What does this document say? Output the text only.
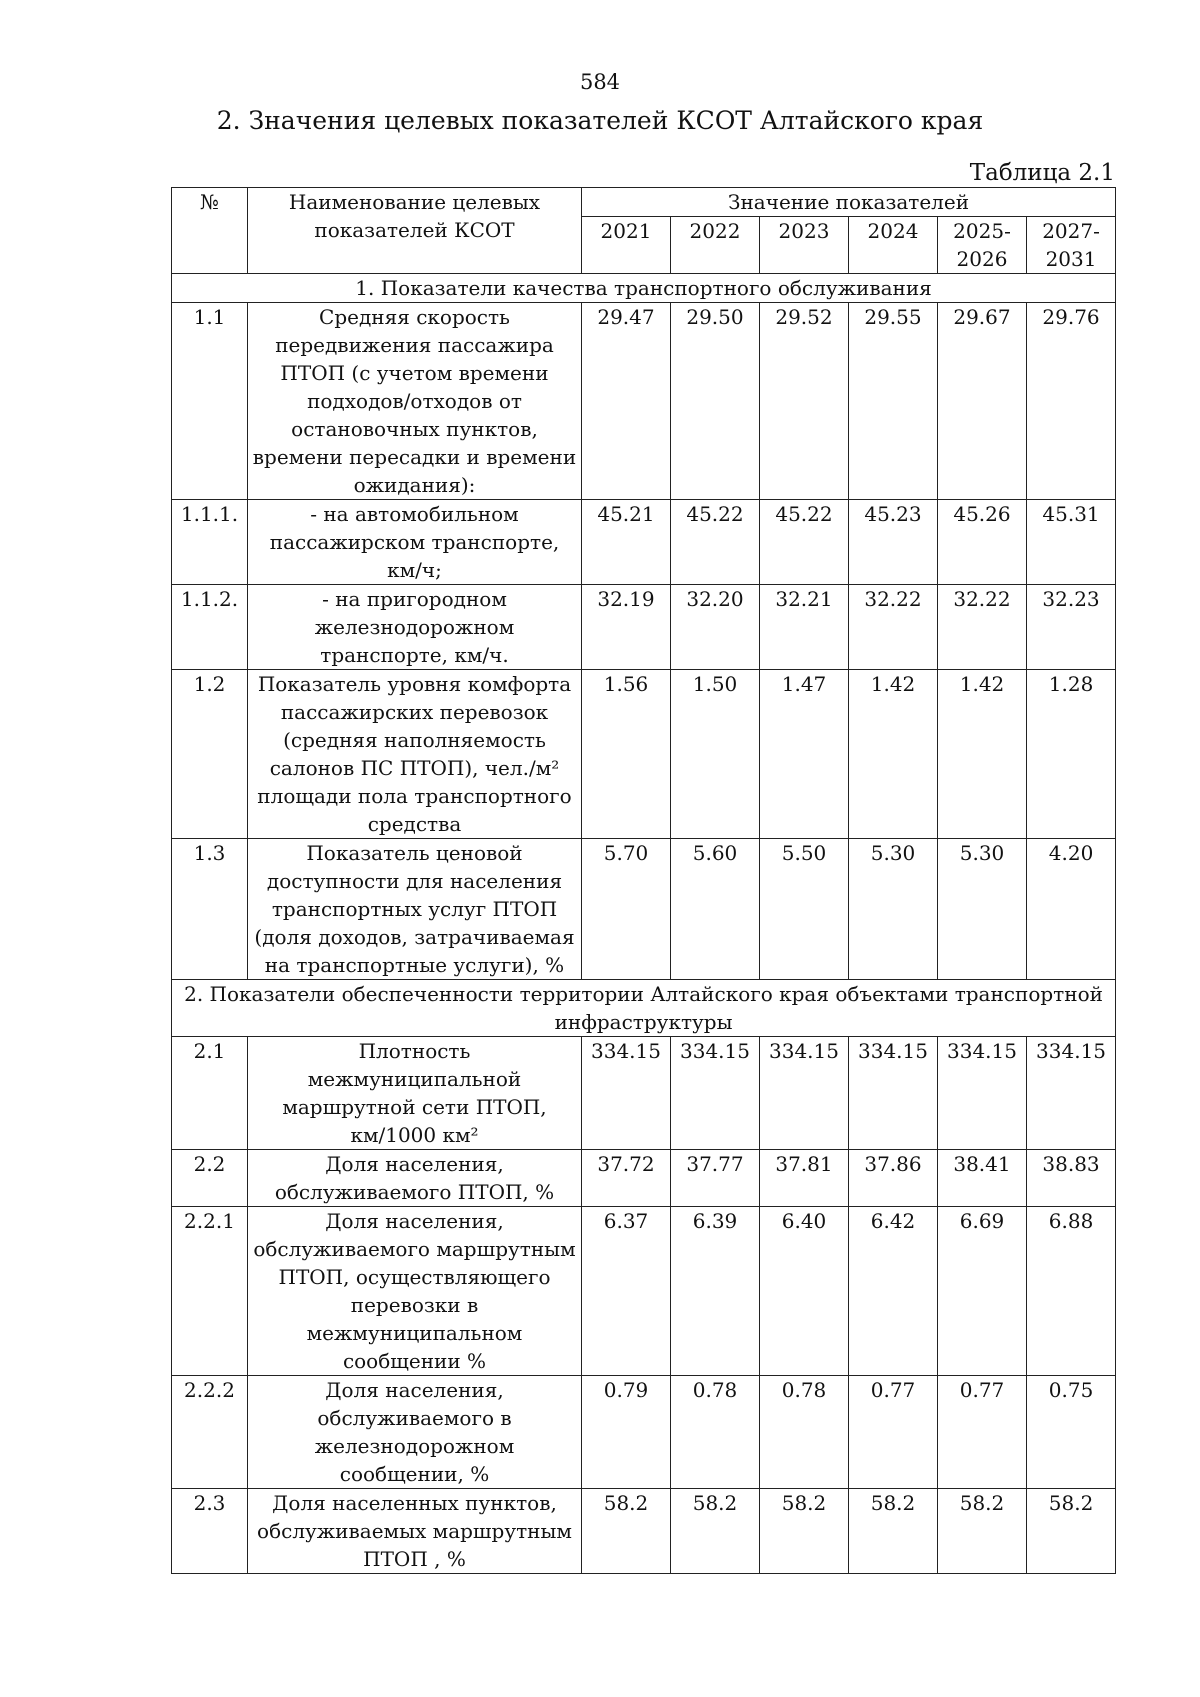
584
2. Значения целевых показателей КСОТ Алтайского края
Таблица 2.1
№	Наименование целевых показателей КСОТ	Значение показателей					
		2021	2022	2023	2024	2025-2026	2027-2031
1. Показатели качества транспортного обслуживания							
1.1	Средняя скорость передвижения пассажира ПТОП (с учетом времени подходов/отходов от остановочных пунктов, времени пересадки и времени ожидания):	29.47	29.50	29.52	29.55	29.67	29.76
1.1.1.	- на автомобильном пассажирском транспорте, км/ч;	45.21	45.22	45.22	45.23	45.26	45.31
1.1.2.	- на пригородном железнодорожном транспорте, км/ч.	32.19	32.20	32.21	32.22	32.22	32.23
1.2	Показатель уровня комфорта пассажирских перевозок (средняя наполняемость салонов ПС ПТОП), чел./м² площади пола транспортного средства	1.56	1.50	1.47	1.42	1.42	1.28
1.3	Показатель ценовой доступности для населения транспортных услуг ПТОП (доля доходов, затрачиваемая на транспортные услуги), %	5.70	5.60	5.50	5.30	5.30	4.20
2. Показатели обеспеченности территории Алтайского края объектами транспортной инфраструктуры							
2.1	Плотность межмуниципальной маршрутной сети ПТОП, км/1000 км²	334.15	334.15	334.15	334.15	334.15	334.15
2.2	Доля населения, обслуживаемого ПТОП, %	37.72	37.77	37.81	37.86	38.41	38.83
2.2.1	Доля населения, обслуживаемого маршрутным ПТОП, осуществляющего перевозки в межмуниципальном сообщении %	6.37	6.39	6.40	6.42	6.69	6.88
2.2.2	Доля населения, обслуживаемого в железнодорожном сообщении, %	0.79	0.78	0.78	0.77	0.77	0.75
2.3	Доля населенных пунктов, обслуживаемых маршрутным ПТОП , %	58.2	58.2	58.2	58.2	58.2	58.2
